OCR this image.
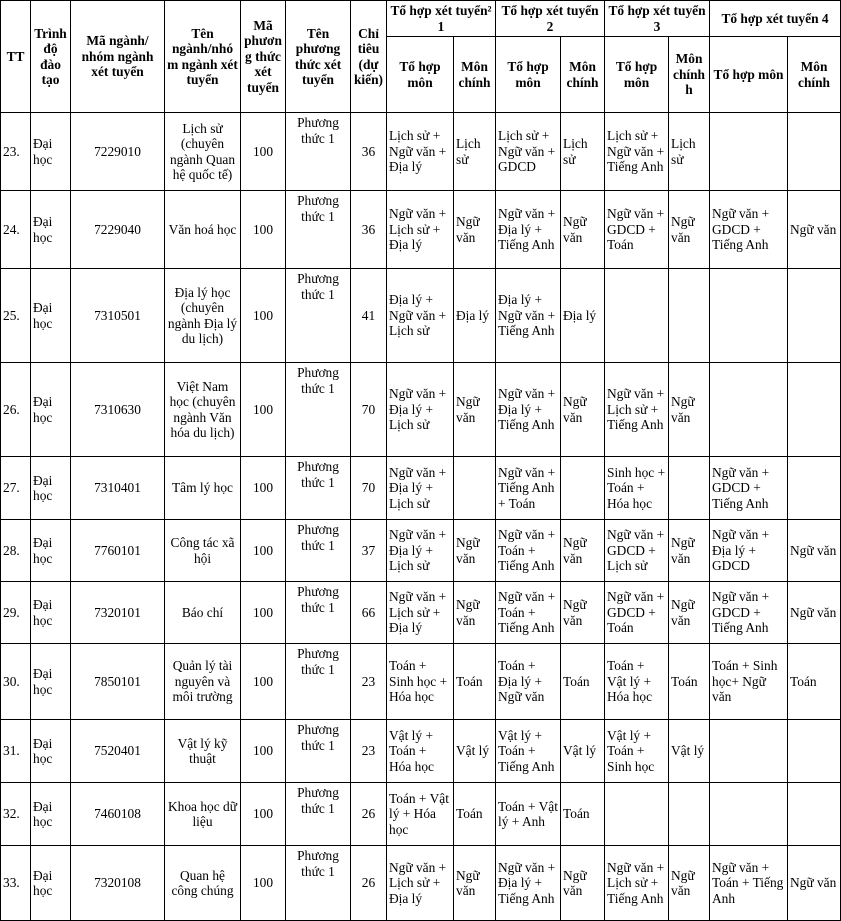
TT	Trình độ đào tạo	Mã ngành/ nhóm ngành xét tuyển	Tên ngành/nhóm ngành xét tuyển	Mã phương thức xét tuyển	Tên phương thức xét tuyển	Chỉ tiêu (dự kiến)	Tổ hợp xét tuyển² 1		Tổ hợp xét tuyển 2		Tổ hợp xét tuyển 3		Tổ hợp xét tuyển 4	
							Tổ hợp môn	Môn chính	Tổ hợp môn	Môn chính	Tổ hợp môn	Môn chính h	Tổ hợp môn	Môn chính
23.	Đại học	7229010	Lịch sử (chuyên ngành Quan hệ quốc tế)	100	Phương thức 1	36	Lịch sử + Ngữ văn + Địa lý	Lịch sử	Lịch sử + Ngữ văn + GDCD	Lịch sử	Lịch sử + Ngữ văn + Tiếng Anh	Lịch sử		
24.	Đại học	7229040	Văn hoá học	100	Phương thức 1	36	Ngữ văn + Lịch sử + Địa lý	Ngữ văn	Ngữ văn + Địa lý + Tiếng Anh	Ngữ văn	Ngữ văn + GDCD + Toán	Ngữ văn	Ngữ văn + GDCD + Tiếng Anh	Ngữ văn
25.	Đại học	7310501	Địa lý học (chuyên ngành Địa lý du lịch)	100	Phương thức 1	41	Địa lý + Ngữ văn + Lịch sử	Địa lý	Địa lý + Ngữ văn + Tiếng Anh	Địa lý				
26.	Đại học	7310630	Việt Nam học (chuyên ngành Văn hóa du lịch)	100	Phương thức 1	70	Ngữ văn + Địa lý + Lịch sử	Ngữ văn	Ngữ văn + Địa lý + Tiếng Anh	Ngữ văn	Ngữ văn + Lịch sử + Tiếng Anh	Ngữ văn		
27.	Đại học	7310401	Tâm lý học	100	Phương thức 1	70	Ngữ văn + Địa lý + Lịch sử		Ngữ văn + Tiếng Anh + Toán		Sinh học + Toán + Hóa học		Ngữ văn + GDCD + Tiếng Anh	
28.	Đại học	7760101	Công tác xã hội	100	Phương thức 1	37	Ngữ văn + Địa lý + Lịch sử	Ngữ văn	Ngữ văn + Toán + Tiếng Anh	Ngữ văn	Ngữ văn + GDCD + Lịch sử	Ngữ văn	Ngữ văn + Địa lý + GDCD	Ngữ văn
29.	Đại học	7320101	Báo chí	100	Phương thức 1	66	Ngữ văn + Lịch sử + Địa lý	Ngữ văn	Ngữ văn + Toán + Tiếng Anh	Ngữ văn	Ngữ văn + GDCD + Toán	Ngữ văn	Ngữ văn + GDCD + Tiếng Anh	Ngữ văn
30.	Đại học	7850101	Quản lý tài nguyên và môi trường	100	Phương thức 1	23	Toán + Sinh học + Hóa học	Toán	Toán + Địa lý + Ngữ văn	Toán	Toán + Vật lý + Hóa học	Toán	Toán + Sinh học+ Ngữ văn	Toán
31.	Đại học	7520401	Vật lý kỹ thuật	100	Phương thức 1	23	Vật lý + Toán + Hóa học	Vật lý	Vật lý + Toán + Tiếng Anh	Vật lý	Vật lý + Toán + Sinh học	Vật lý		
32.	Đại học	7460108	Khoa học dữ liệu	100	Phương thức 1	26	Toán + Vật lý + Hóa học	Toán	Toán + Vật lý + Anh	Toán				
33.	Đại học	7320108	Quan hệ công chúng	100	Phương thức 1	26	Ngữ văn + Lịch sử + Địa lý	Ngữ văn	Ngữ văn + Địa lý + Tiếng Anh	Ngữ văn	Ngữ văn + Lịch sử + Tiếng Anh	Ngữ văn	Ngữ văn + Toán + Tiếng Anh	Ngữ văn
